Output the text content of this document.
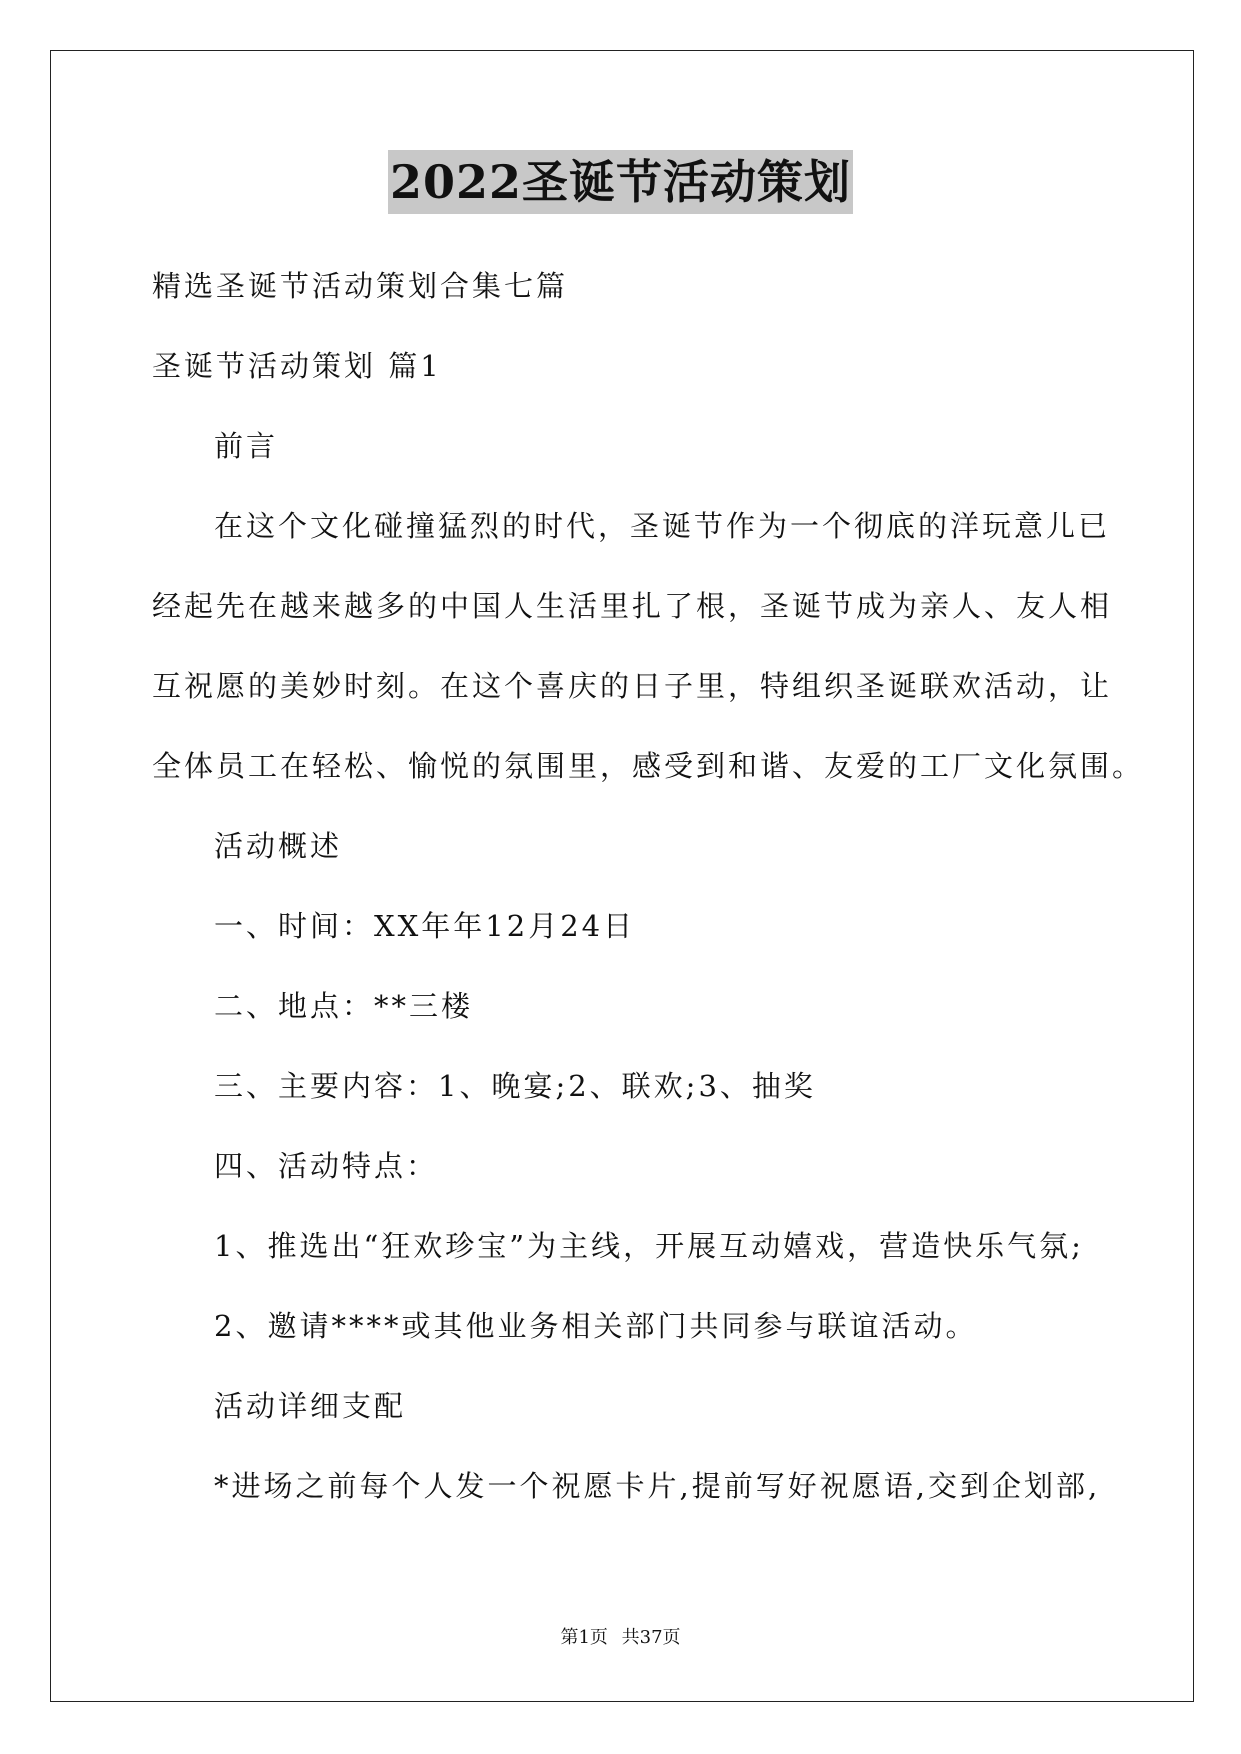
2022圣诞节活动策划
精选圣诞节活动策划合集七篇
圣诞节活动策划 篇1
前言
在这个文化碰撞猛烈的时代，圣诞节作为一个彻底的洋玩意儿已
经起先在越来越多的中国人生活里扎了根，圣诞节成为亲人、友人相
互祝愿的美妙时刻。在这个喜庆的日子里，特组织圣诞联欢活动，让
全体员工在轻松、愉悦的氛围里，感受到和谐、友爱的工厂文化氛围。
活动概述
一、时间：XX年年12月24日
二、地点：**三楼
三、主要内容：1、晚宴;2、联欢;3、抽奖
四、活动特点：
1、推选出“狂欢珍宝”为主线，开展互动嬉戏，营造快乐气氛;
2、邀请****或其他业务相关部门共同参与联谊活动。
活动详细支配
*进场之前每个人发一个祝愿卡片,提前写好祝愿语,交到企划部,
第1页 共37页
